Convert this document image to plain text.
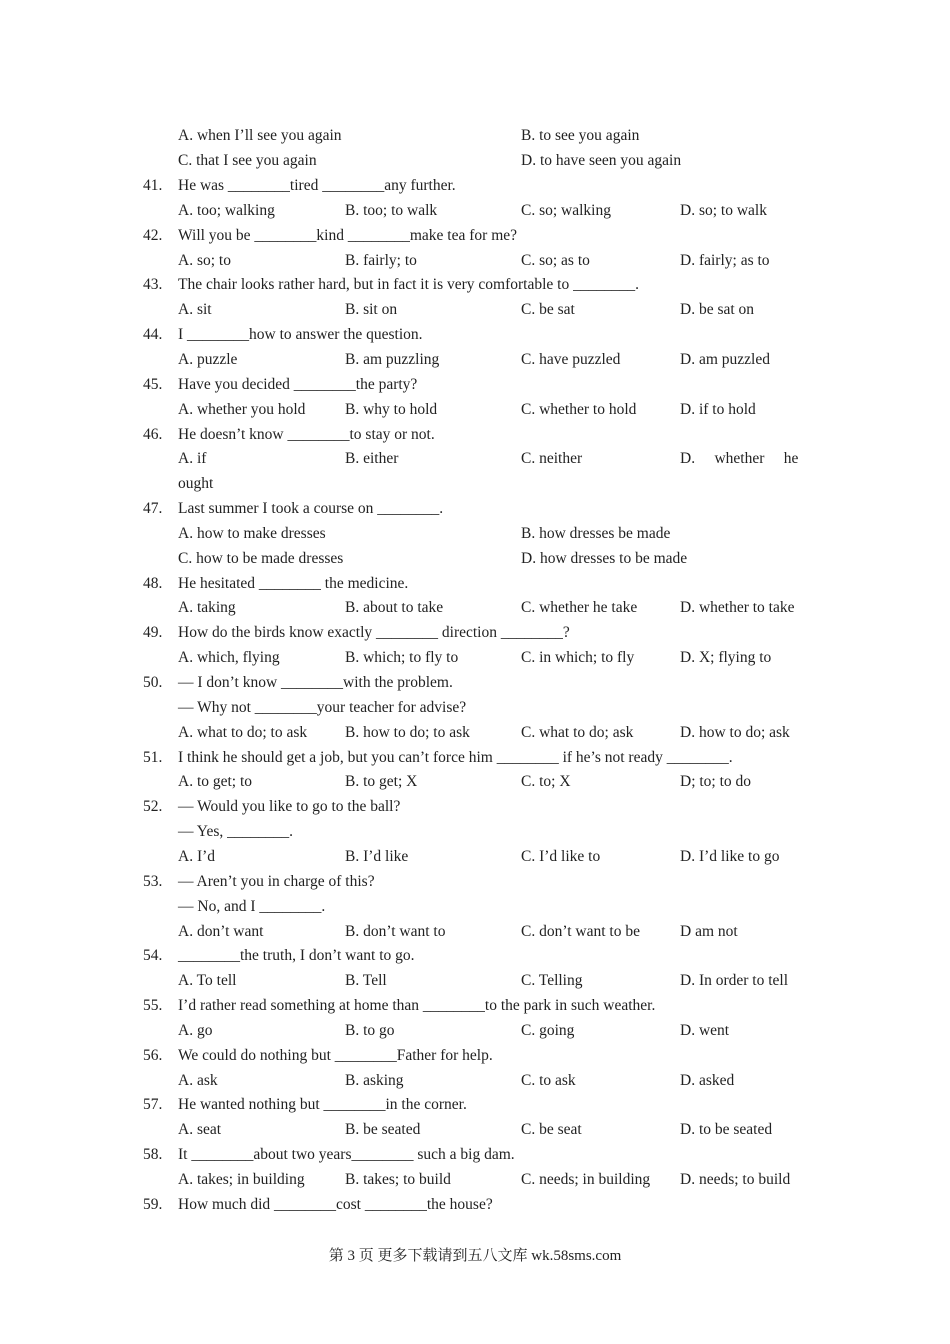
A. when I’ll see you again	B. to see you again
C. that I see you again	D. to have seen you again
41. He was ________tired ________any further.
A. too; walking	B. too; to walk	C. so; walking	D. so; to walk
42. Will you be ________kind ________make tea for me?
A. so; to	B. fairly; to	C. so; as to	D. fairly; as to
43. The chair looks rather hard, but in fact it is very comfortable to ________.
A. sit	B. sit on	C. be sat	D. be sat on
44. I ________how to answer the question.
A. puzzle	B. am puzzling	C. have puzzled	D. am puzzled
45. Have you decided ________the party?
A. whether you hold	B. why to hold	C. whether to hold	D. if to hold
46. He doesn’t know ________to stay or not.
A. if	B. either	C. neither	D.     whether     he
ought
47. Last summer I took a course on ________.
A. how to make dresses	B. how dresses be made
C. how to be made dresses	D. how dresses to be made
48. He hesitated ________ the medicine.
A. taking	B. about to take	C. whether he take	D. whether to take
49. How do the birds know exactly ________ direction ________?
A. which, flying	B. which; to fly to	C. in which; to fly	D. X; flying to
50. — I don’t know ________with the problem.
— Why not ________your teacher for advise?
A. what to do; to ask B. how to do; to ask	C. what to do; ask	D. how to do; ask
51. I think he should get a job, but you can’t force him ________ if he’s not ready ________.
A. to get; to	B. to get; X	C. to; X	D; to; to do
52. — Would you like to go to the ball?
— Yes, ________.
A. I’d	B. I’d like	C. I’d like to	D. I’d like to go
53. — Aren’t you in charge of this?
— No, and I ________.
A. don’t want	B. don’t want to	C. don’t want to be	D am not
54. ________the truth, I don’t want to go.
A. To tell	B. Tell	C. Telling	D. In order to tell
55. I’d rather read something at home than ________to the park in such weather.
A. go	B. to go	C. going	D. went
56. We could do nothing but ________Father for help.
A. ask	B. asking	C. to ask	D. asked
57. He wanted nothing but ________in the corner.
A. seat	B. be seated	C. be seat	D. to be seated
58. It ________about two years________ such a big dam.
A. takes; in building	B. takes; to build	C. needs; in building D. needs; to build
59. How much did ________cost ________the house?
第 3 页 更多下载请到五八文库 wk.58sms.com
